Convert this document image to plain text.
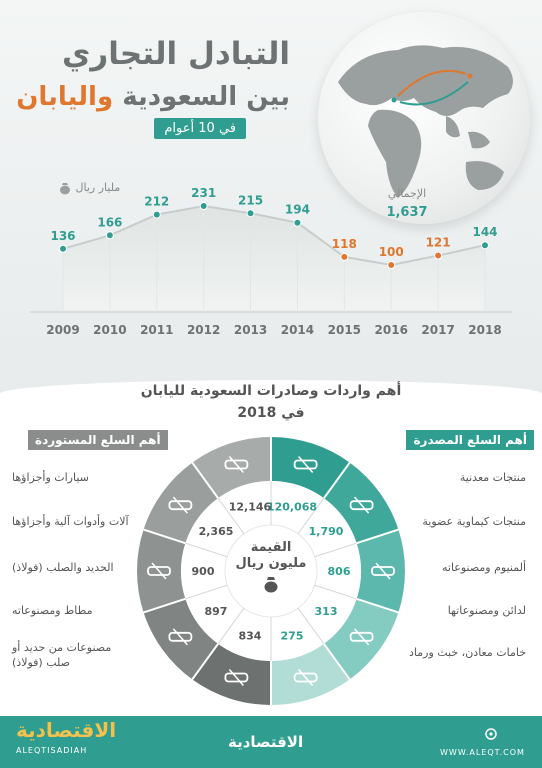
التبادل التجاري
بين السعودية واليابان
في 10 أعوام
مليار ريال	الإجمالي
1,637
2009 2010 2011 2012 2013 2014 2015 2016 2017 2018
136
166
212
231
215
194
118
100
121
144
أهم واردات وصادرات السعودية لليابان
في 2018
أهم السلع المصدرة
أهم السلع المستوردة
منتجات معدنية
منتجات كيماوية عضوية
ألمنيوم ومصنوعاته
لدائن ومصنوعاتها
خامات معادن، خبث ورماد
سيارات وأجزاؤها
آلات وأدوات آلية وأجزاؤها
الحديد والصلب (فولاذ)
مطاط ومصنوعاته
مصنوعات من حديد أو صلب (فولاذ)
120,068
1,790
806
313
275
12,146
2,365
900
897
834
القيمة
مليون ريال
الاقتصادية
ALEQTISADIAH	الاقتصادية
WWW.ALEQT.COM
